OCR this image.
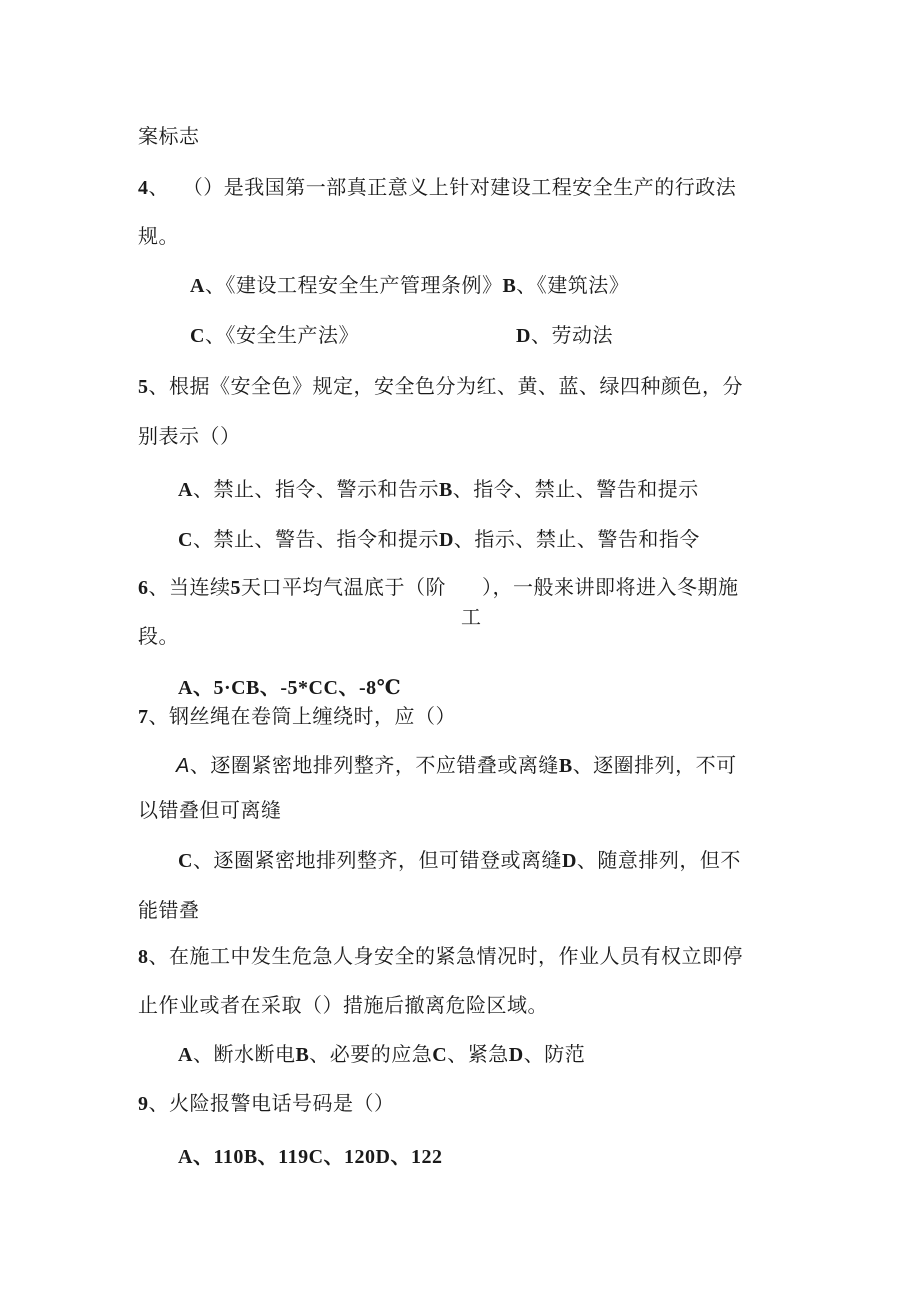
案标志
4、 （）是我国第一部真正意义上针对建设工程安全生产的行政法
规。
A、《建设工程安全生产管理条例》B、《建筑法》
C、《安全生产法》	D、劳动法
5、根据《安全色》规定，安全色分为红、黄、蓝、绿四种颜色，分
别表示（）
A、禁止、指令、警示和告示B、指令、禁止、警告和提示
C、禁止、警告、指令和提示D、指示、禁止、警告和指令
6、当连续5天口平均气温底于（阶 ），一般来讲即将进入冬期施
工
段。
A、5·CB、-5*CC、-8℃
7、钢丝绳在卷筒上缠绕时，应（）
A、逐圈紧密地排列整齐，不应错叠或离缝B、逐圈排列，不可
以错叠但可离缝
C、逐圈紧密地排列整齐，但可错登或离缝D、随意排列，但不
能错叠
8、在施工中发生危急人身安全的紧急情况时，作业人员有权立即停
止作业或者在采取（）措施后撤离危险区域。
A、断水断电B、必要的应急C、紧急D、防范
9、火险报警电话号码是（）
A、110B、119C、120D、122
